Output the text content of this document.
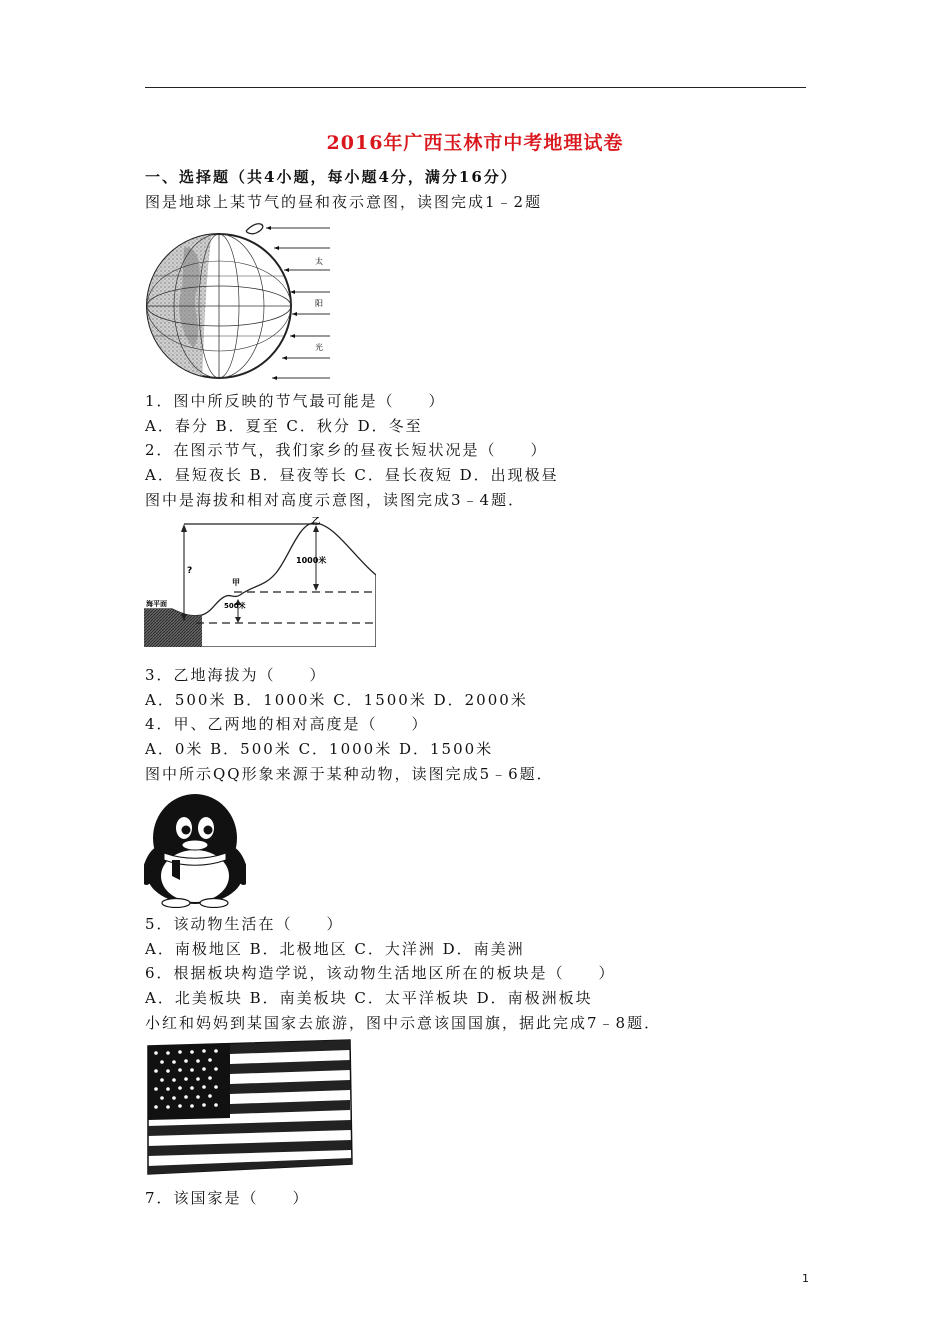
2016年广西玉林市中考地理试卷
一、选择题（共4小题，每小题4分，满分16分）
图是地球上某节气的昼和夜示意图，读图完成1﹣2题
太
阳
光
1．图中所反映的节气最可能是（　　）
A．春分 B．夏至 C．秋分 D．冬至
2．在图示节气，我们家乡的昼夜长短状况是（　　）
A．昼短夜长 B．昼夜等长 C．昼长夜短 D．出现极昼
图中是海拔和相对高度示意图，读图完成3﹣4题．
乙
甲
1000米
500米
?
海平面
3．乙地海拔为（　　）
A．500米 B．1000米 C．1500米 D．2000米
4．甲、乙两地的相对高度是（　　）
A．0米 B．500米 C．1000米 D．1500米
图中所示QQ形象来源于某种动物，读图完成5﹣6题．
5．该动物生活在（　　）
A．南极地区 B．北极地区 C．大洋洲 D．南美洲
6．根据板块构造学说，该动物生活地区所在的板块是（　　）
A．北美板块 B．南美板块 C．太平洋板块 D．南极洲板块
小红和妈妈到某国家去旅游，图中示意该国国旗，据此完成7﹣8题．
7．该国家是（　　）
1
